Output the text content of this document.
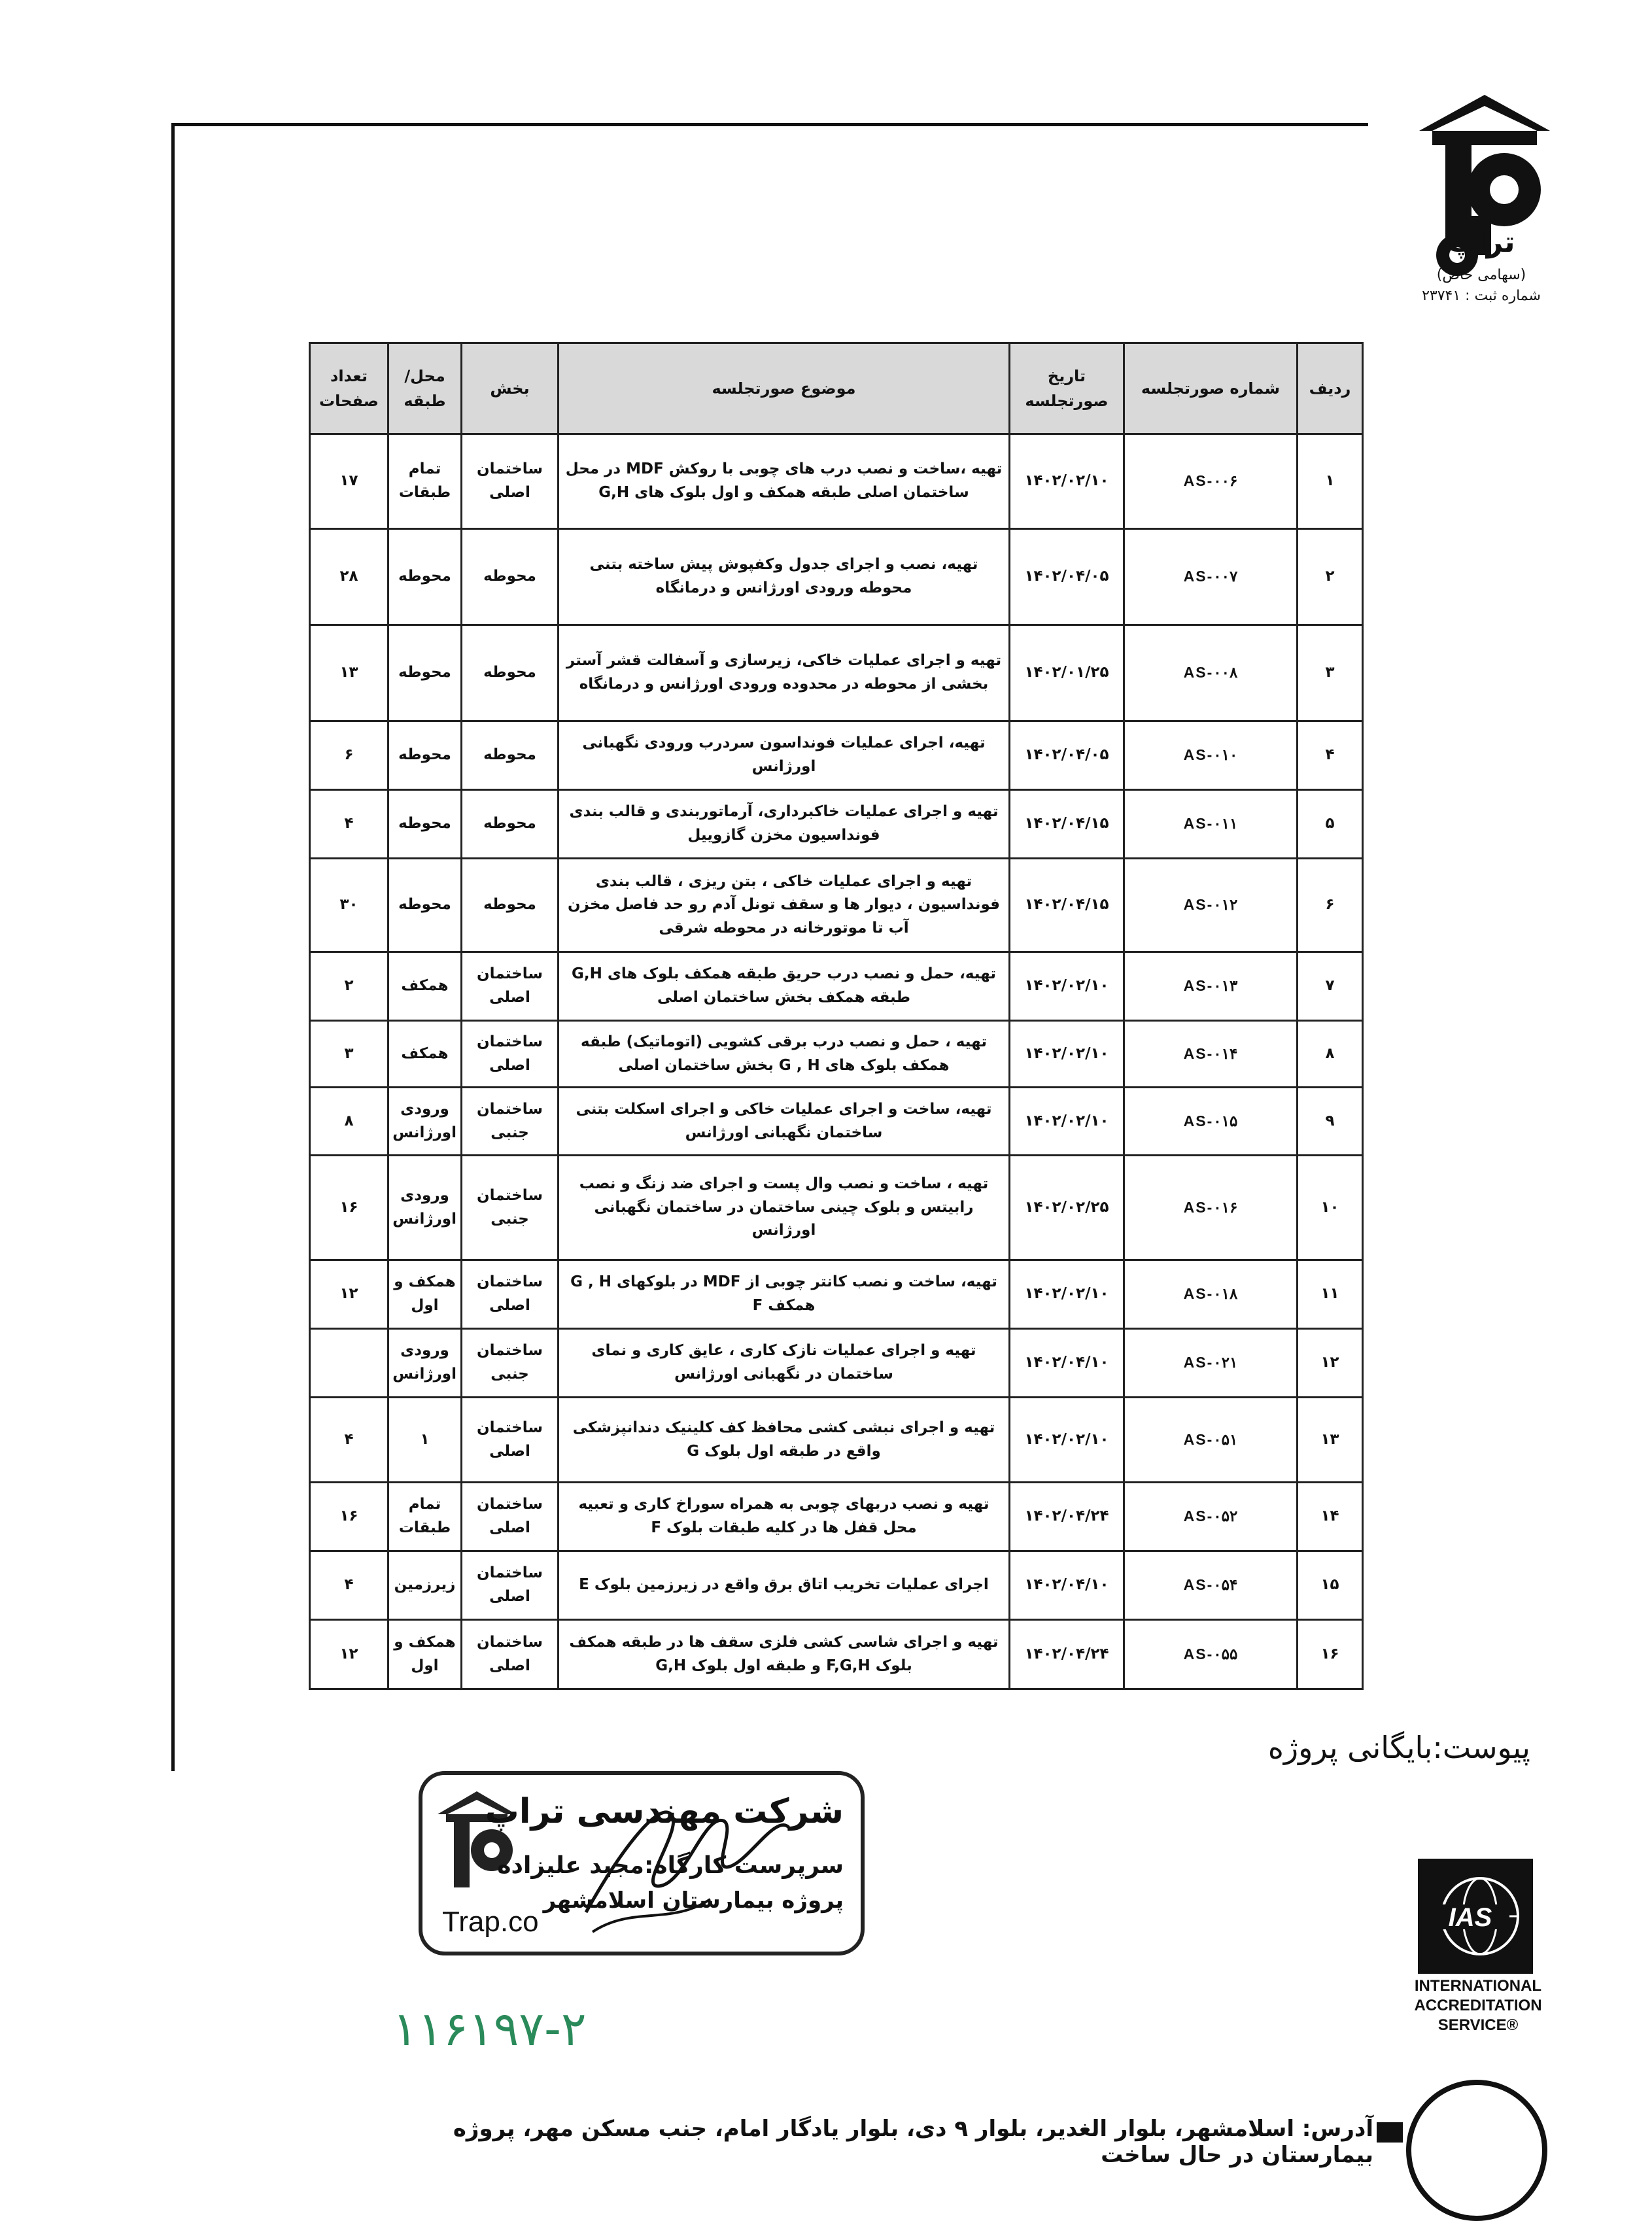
تراپ
(سهامی خاص)
شماره ثبت : ۲۳۷۴۱
ردیف	شماره صورتجلسه	تاریخ صورتجلسه	موضوع صورتجلسه	بخش	محل/طبقه	تعداد صفحات
۱	AS-۰۰۶	۱۴۰۲/۰۲/۱۰	تهیه ،ساخت و نصب درب های چوبی با روکش MDF در محل ساختمان اصلی طبقه همکف و اول بلوک های G,H	ساختمان اصلی	تمام طبقات	۱۷
۲	AS-۰۰۷	۱۴۰۲/۰۴/۰۵	تهیه، نصب و اجرای جدول وکفپوش پیش ساخته بتنی محوطه ورودی اورژانس و درمانگاه	محوطه	محوطه	۲۸
۳	AS-۰۰۸	۱۴۰۲/۰۱/۲۵	تهیه و اجرای عملیات خاکی، زیرسازی و آسفالت قشر آستر بخشی از محوطه در محدوده ورودی اورژانس و درمانگاه	محوطه	محوطه	۱۳
۴	AS-۰۱۰	۱۴۰۲/۰۴/۰۵	تهیه، اجرای عملیات فونداسون سردرب ورودی نگهبانی اورژانس	محوطه	محوطه	۶
۵	AS-۰۱۱	۱۴۰۲/۰۴/۱۵	تهیه و اجرای عملیات خاکبرداری، آرماتوربندی و قالب بندی فونداسیون مخزن گازوییل	محوطه	محوطه	۴
۶	AS-۰۱۲	۱۴۰۲/۰۴/۱۵	تهیه و اجرای عملیات خاکی ، بتن ریزی ، قالب بندی فونداسیون ، دیوار ها و سقف تونل آدم رو حد فاصل مخزن آب تا موتورخانه در محوطه شرقی	محوطه	محوطه	۳۰
۷	AS-۰۱۳	۱۴۰۲/۰۲/۱۰	تهیه، حمل و نصب درب حریق طبقه همکف بلوک های G,H طبقه همکف بخش ساختمان اصلی	ساختمان اصلی	همکف	۲
۸	AS-۰۱۴	۱۴۰۲/۰۲/۱۰	تهیه ، حمل و نصب درب برقی کشویی (اتوماتیک) طبقه همکف بلوک های G , H بخش ساختمان اصلی	ساختمان اصلی	همکف	۳
۹	AS-۰۱۵	۱۴۰۲/۰۲/۱۰	تهیه، ساخت و اجرای عملیات خاکی و اجرای اسکلت بتنی ساختمان نگهبانی اورژانس	ساختمان جنبی	ورودی اورژانس	۸
۱۰	AS-۰۱۶	۱۴۰۲/۰۲/۲۵	تهیه ، ساخت و نصب وال پست و اجرای ضد زنگ و نصب رابیتس و بلوک چینی ساختمان در ساختمان نگهبانی اورژانس	ساختمان جنبی	ورودی اورژانس	۱۶
۱۱	AS-۰۱۸	۱۴۰۲/۰۲/۱۰	تهیه، ساخت و نصب کانتر چوبی از MDF در بلوکهای G , H همکف F	ساختمان اصلی	همکف و اول	۱۲
۱۲	AS-۰۲۱	۱۴۰۲/۰۴/۱۰	تهیه و اجرای عملیات نازک کاری ، عایق کاری و نمای ساختمان در نگهبانی اورژانس	ساختمان جنبی	ورودی اورژانس	
۱۳	AS-۰۵۱	۱۴۰۲/۰۲/۱۰	تهیه و اجرای نبشی کشی محافظ کف کلینیک دندانپزشکی واقع در طبقه اول بلوک G	ساختمان اصلی	۱	۴
۱۴	AS-۰۵۲	۱۴۰۲/۰۴/۲۴	تهیه و نصب دربهای چوبی به همراه سوراخ کاری و تعبیه محل قفل ها در کلیه طبقات بلوک F	ساختمان اصلی	تمام طبقات	۱۶
۱۵	AS-۰۵۴	۱۴۰۲/۰۴/۱۰	اجرای عملیات تخریب اتاق برق واقع در زیرزمین بلوک E	ساختمان اصلی	زیرزمین	۴
۱۶	AS-۰۵۵	۱۴۰۲/۰۴/۲۴	تهیه و اجرای شاسی کشی فلزی سقف ها در طبقه همکف بلوک F,G,H و طبقه اول بلوک G,H	ساختمان اصلی	همکف و اول	۱۲
پیوست:بایگانی پروژه
شرکت مهندسی تراپ
سرپرست کارگاه:مجید علیزاده
پروژه بیمارستان اسلامشهر
Trap.co
۱۱۶۱۹۷-۲
IAS
INTERNATIONAL
ACCREDITATION
SERVICE®
آدرس: اسلامشهر، بلوار الغدیر، بلوار ۹ دی، بلوار یادگار امام، جنب مسکن مهر، پروژه بیمارستان در حال ساخت
